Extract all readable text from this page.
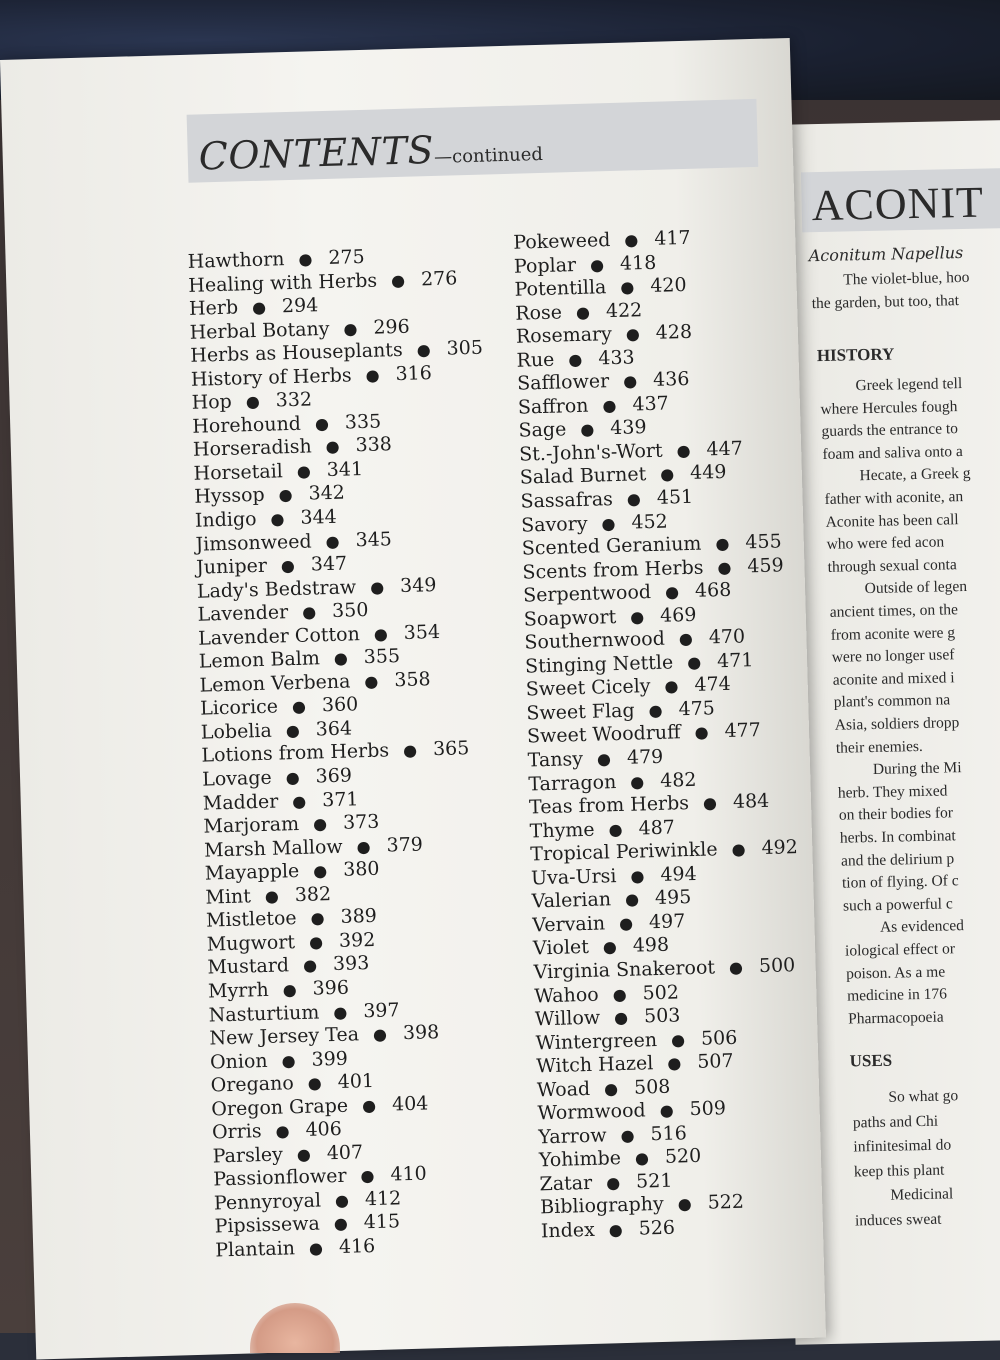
ACONIT
Aconitum Napellus
The violet-blue, hoo
the garden, but too, that
HISTORY
Greek legend tell
where Hercules fough
guards the entrance to
foam and saliva onto a
Hecate, a Greek g
father with aconite, an
Aconite has been call
who were fed acon
through sexual conta
Outside of legen
ancient times, on the
from aconite were g
were no longer usef
aconite and mixed i
plant's common na
Asia, soldiers dropp
their enemies.
During the Mi
herb. They mixed
on their bodies for
herbs. In combinat
and the delirium p
tion of flying. Of c
such a powerful c
As evidenced
iological effect or
poison. As a me
medicine in 176
Pharmacopoeia
USES
So what go
paths and Chi
infinitesimal do
keep this plant
Medicinal
induces sweat
CONTENTS—continued
Hawthorn ● 275
Healing with Herbs ● 276
Herb ● 294
Herbal Botany ● 296
Herbs as Houseplants ● 305
History of Herbs ● 316
Hop ● 332
Horehound ● 335
Horseradish ● 338
Horsetail ● 341
Hyssop ● 342
Indigo ● 344
Jimsonweed ● 345
Juniper ● 347
Lady's Bedstraw ● 349
Lavender ● 350
Lavender Cotton ● 354
Lemon Balm ● 355
Lemon Verbena ● 358
Licorice ● 360
Lobelia ● 364
Lotions from Herbs ● 365
Lovage ● 369
Madder ● 371
Marjoram ● 373
Marsh Mallow ● 379
Mayapple ● 380
Mint ● 382
Mistletoe ● 389
Mugwort ● 392
Mustard ● 393
Myrrh ● 396
Nasturtium ● 397
New Jersey Tea ● 398
Onion ● 399
Oregano ● 401
Oregon Grape ● 404
Orris ● 406
Parsley ● 407
Passionflower ● 410
Pennyroyal ● 412
Pipsissewa ● 415
Plantain ● 416
Pokeweed ● 417
Poplar ● 418
Potentilla ● 420
Rose ● 422
Rosemary ● 428
Rue ● 433
Safflower ● 436
Saffron ● 437
Sage ● 439
St.-John's-Wort ● 447
Salad Burnet ● 449
Sassafras ● 451
Savory ● 452
Scented Geranium ● 455
Scents from Herbs ● 459
Serpentwood ● 468
Soapwort ● 469
Southernwood ● 470
Stinging Nettle ● 471
Sweet Cicely ● 474
Sweet Flag ● 475
Sweet Woodruff ● 477
Tansy ● 479
Tarragon ● 482
Teas from Herbs ● 484
Thyme ● 487
Tropical Periwinkle ● 492
Uva-Ursi ● 494
Valerian ● 495
Vervain ● 497
Violet ● 498
Virginia Snakeroot ● 500
Wahoo ● 502
Willow ● 503
Wintergreen ● 506
Witch Hazel ● 507
Woad ● 508
Wormwood ● 509
Yarrow ● 516
Yohimbe ● 520
Zatar ● 521
Bibliography ● 522
Index ● 526
